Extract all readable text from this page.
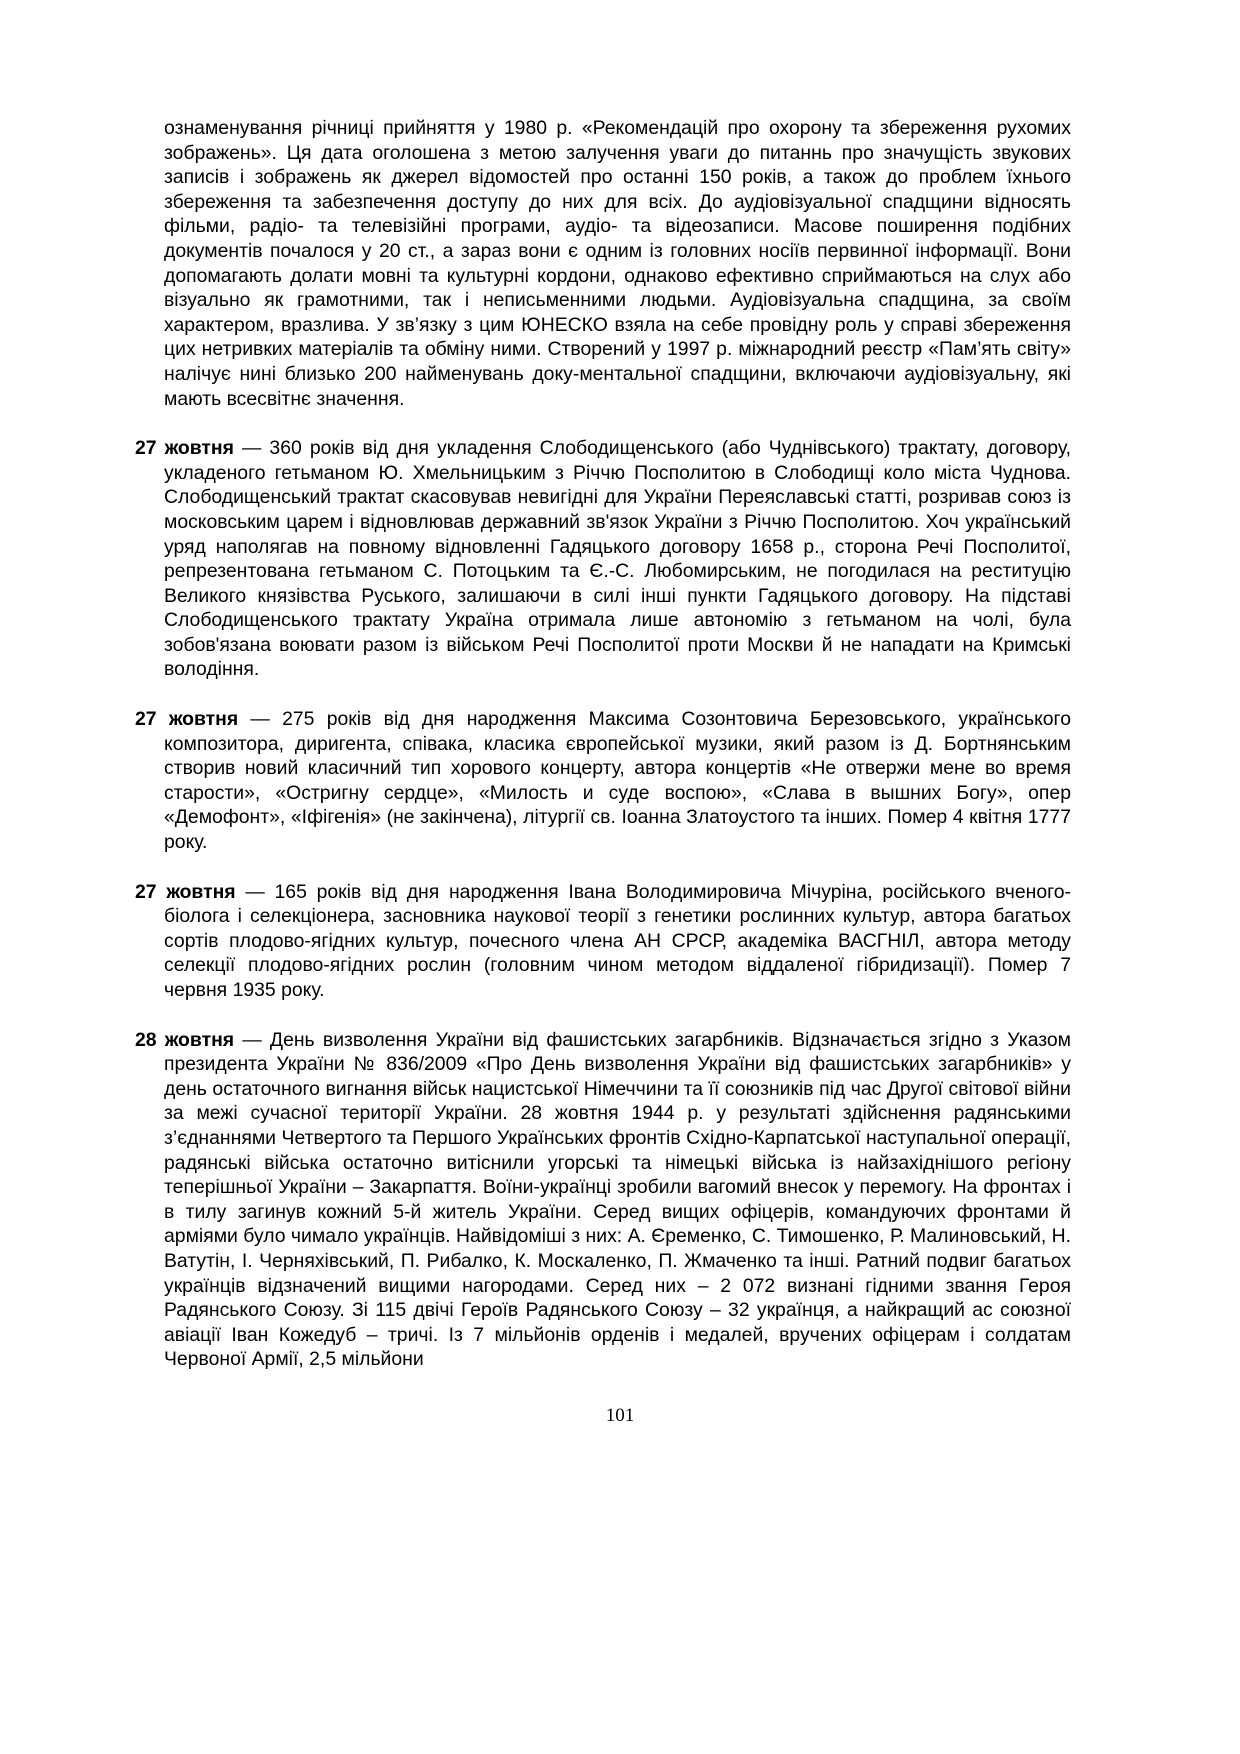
ознаменування річниці прийняття у 1980 р. «Рекомендацій про охорону та збереження рухомих зображень». Ця дата оголошена з метою залучення уваги до питаннь про значущість звукових записів і зображень як джерел відомостей про останні 150 років, а також до проблем їхнього збереження та забезпечення доступу до них для всіх. До аудіовізуальної спадщини відносять фільми, радіо- та телевізійні програми, аудіо- та відеозаписи. Масове поширення подібних документів почалося у 20 ст., а зараз вони є одним із головних носіїв первинної інформації. Вони допомагають долати мовні та культурні кордони, однаково ефективно сприймаються на слух або візуально як грамотними, так і неписьменними людьми. Аудіовізуальна спадщина, за своїм характером, вразлива. У зв’язку з цим ЮНЕСКО взяла на себе провідну роль у справі збереження цих нетривких матеріалів та обміну ними. Створений у 1997 р. міжнародний реєстр «Пам’ять світу» налічує нині близько 200 найменувань доку-ментальної спадщини, включаючи аудіовізуальну, які мають всесвітнє значення.

27 жовтня — 360 років від дня укладення Слободищенського (або Чуднівського) трактату, договору, укладеного гетьманом Ю. Хмельницьким з Річчю Посполитою в Слободищі коло міста Чуднова. Слободищенський трактат скасовував невигідні для України Переяславські статті, розривав союз із московським царем і відновлював державний зв'язок України з Річчю Посполитою. Хоч український уряд наполягав на повному відновленні Гадяцького договору 1658 р., сторона Речі Посполитої, репрезентована гетьманом С. Потоцьким та Є.-С. Любомирським, не погодилася на реституцію Великого князівства Руського, залишаючи в силі інші пункти Гадяцького договору. На підставі Слободищенського трактату Україна отримала лише автономію з гетьманом на чолі, була зобов'язана воювати разом із військом Речі Посполитої проти Москви й не нападати на Кримські володіння.

27 жовтня — 275 років від дня народження Максима Созонтовича Березовського, українського композитора, диригента, співака, класика європейської музики, який разом із Д. Бортнянським створив новий класичний тип хорового концерту, автора концертів «Не отвержи мене во время старости», «Остригну сердце», «Милость и суде воспою», «Слава в вышних Богу», опер «Демофонт», «Іфігенія» (не закінчена), літургії св. Іоанна Златоустого та інших. Помер 4 квітня 1777 року.

27 жовтня — 165 років від дня народження Івана Володимировича Мічуріна, російського вченого-біолога і селекціонера, засновника наукової теорії з генетики рослинних культур, автора багатьох сортів плодово-ягідних культур, почесного члена АН СРСР, академіка ВАСГНІЛ, автора методу селекції плодово-ягідних рослин (головним чином методом віддаленої гібридизації). Помер 7 червня 1935 року.

28 жовтня — День визволення України від фашистських загарбників. Відзначається згідно з Указом президента України № 836/2009 «Про День визволення України від фашистських загарбників» у день остаточного вигнання військ нацистської Німеччини та її союзників під час Другої світової війни за межі сучасної території України. 28 жовтня 1944 р. у результаті здійснення радянськими з’єднаннями Четвертого та Першого Українських фронтів Східно-Карпатської наступальної операції, радянські війська остаточно витіснили угорські та німецькі війська із найзахіднішого регіону теперішньої України – Закарпаття. Воїни-українці зробили вагомий внесок у перемогу. На фронтах і в тилу загинув кожний 5-й житель України. Серед вищих офіцерів, командуючих фронтами й арміями було чимало українців. Найвідоміші з них: А. Єременко, С. Тимошенко, Р. Малиновський, Н. Ватутін, І. Черняхівський, П. Рибалко, К. Москаленко, П. Жмаченко та інші. Ратний подвиг багатьох українців відзначений вищими нагородами. Серед них – 2 072 визнані гідними звання Героя Радянського Союзу. Зі 115 двічі Героїв Радянського Союзу – 32 українця, а найкращий ас союзної авіації Іван Кожедуб – тричі. Із 7 мільйонів орденів і медалей, вручених офіцерам і солдатам Червоної Армії, 2,5 мільйони

101
